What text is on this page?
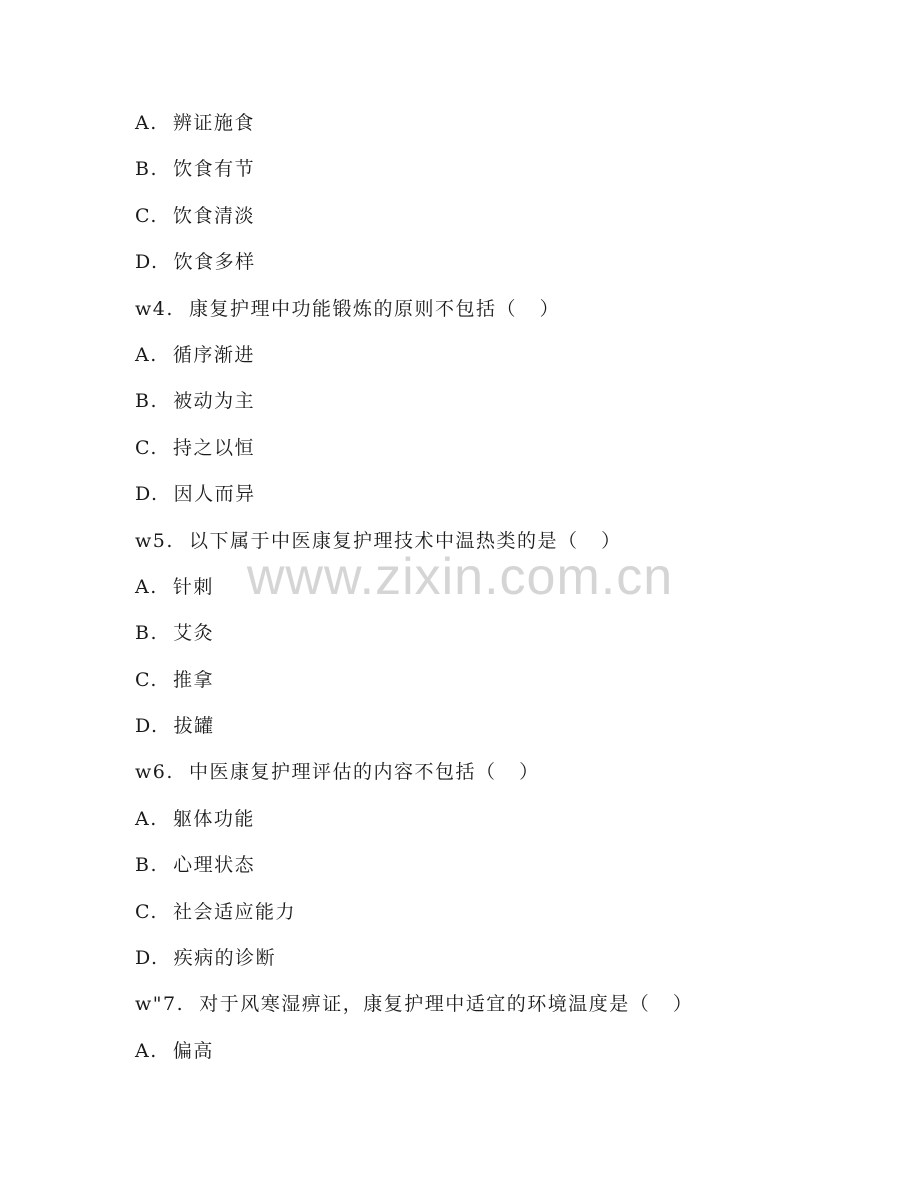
A.  辨证施食
B.  饮食有节
C.  饮食清淡
D.  饮食多样
w4.  康复护理中功能锻炼的原则不包括（   ）
A.  循序渐进
B.  被动为主
C.  持之以恒
D.  因人而异
w5.  以下属于中医康复护理技术中温热类的是（   ）
A.  针刺
B.  艾灸
C.  推拿
D.  拔罐
w6.  中医康复护理评估的内容不包括（   ）
A.  躯体功能
B.  心理状态
C.  社会适应能力
D.  疾病的诊断
w"7.  对于风寒湿痹证，康复护理中适宜的环境温度是（   ）
A.  偏高
www.zixin.com.cn
